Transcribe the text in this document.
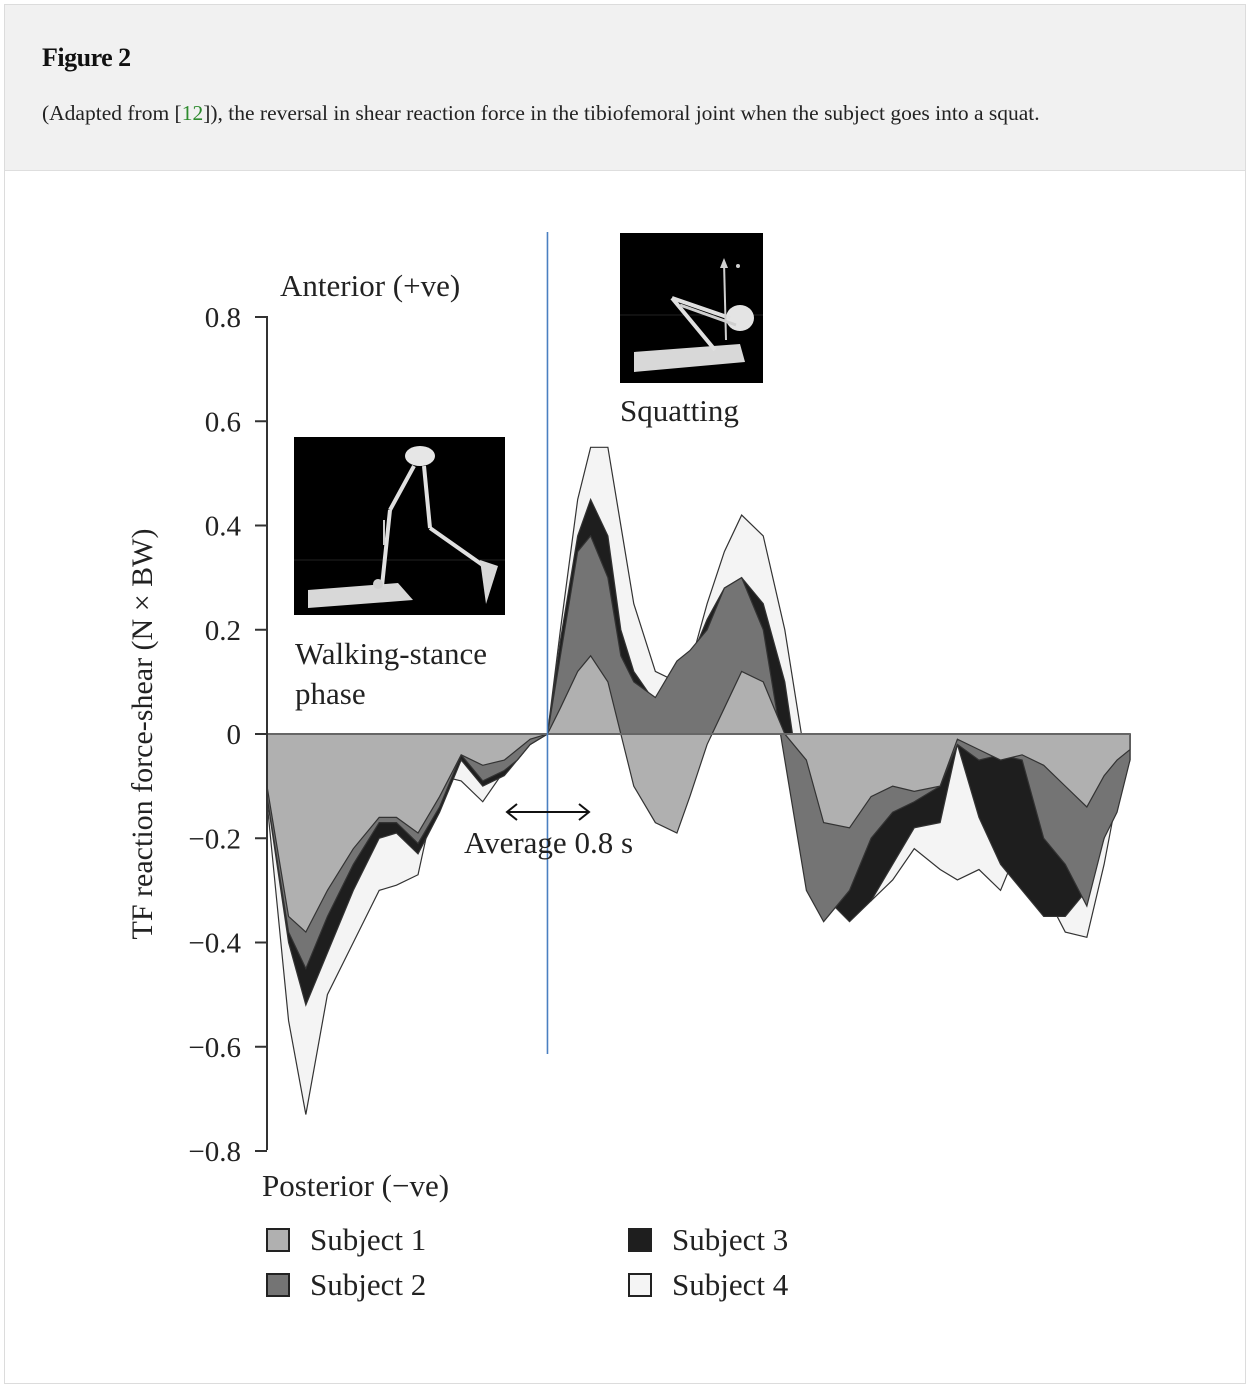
Figure 2
(Adapted from [12]), the reversal in shear reaction force in the tibiofemoral joint when the subject goes into a squat.
0.8
0.6
0.4
0.2
0
−0.2
−0.4
−0.6
−0.8
TF reaction force-shear (N × BW)
Anterior (+ve)
Posterior (−ve)
Walking-stance
phase
Squatting
Average 0.8 s
Subject 1
Subject 2
Subject 3
Subject 4
